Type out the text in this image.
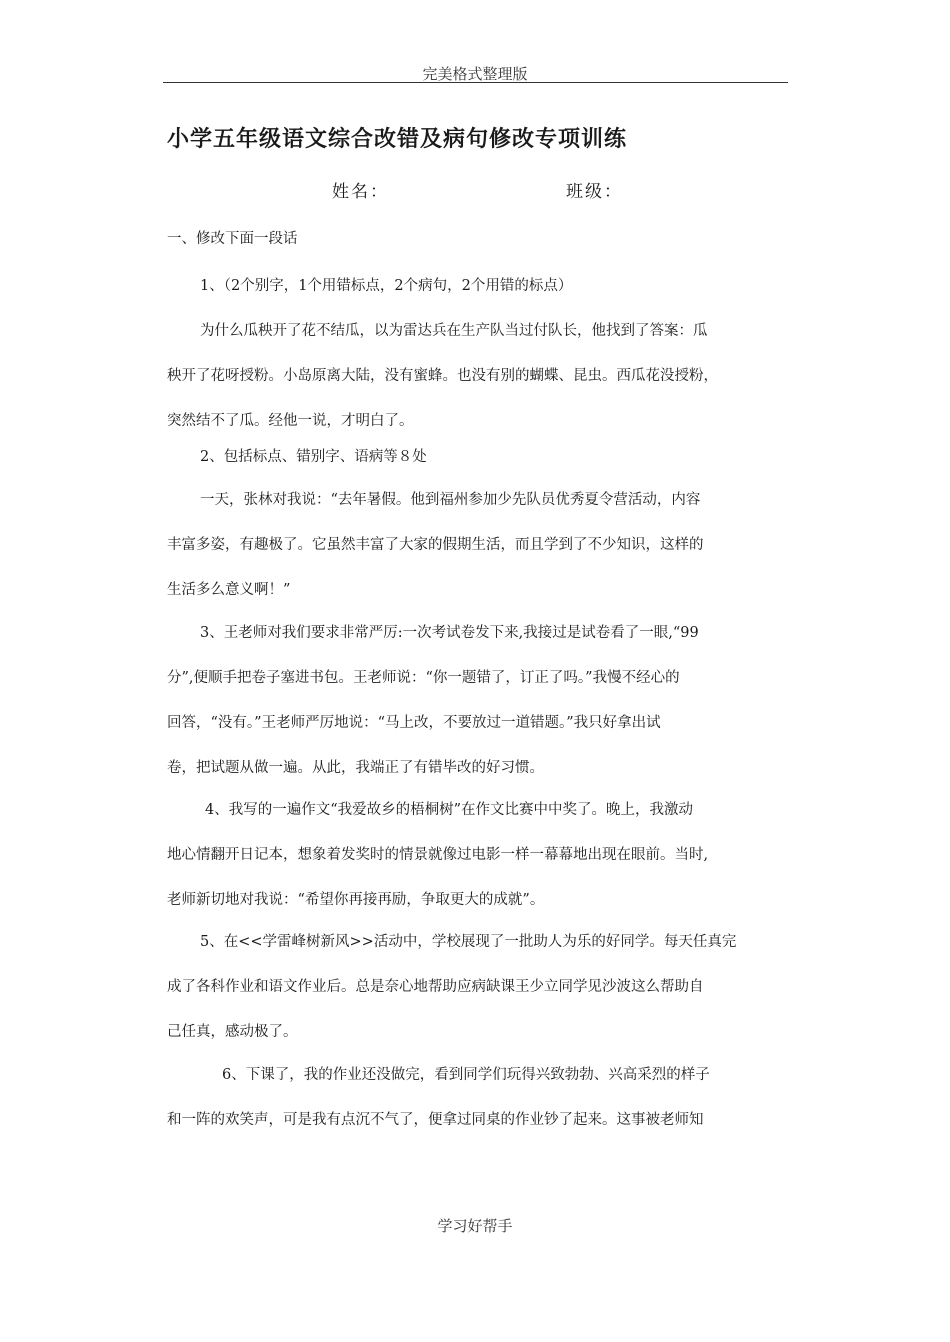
完美格式整理版
小学五年级语文综合改错及病句修改专项训练
姓名：	班级：
一、修改下面一段话

1、（2个别字，1个用错标点，2个病句，2个用错的标点）

为什么瓜秧开了花不结瓜，以为雷达兵在生产队当过付队长，他找到了答案：瓜
秧开了花呀授粉。小岛原离大陆，没有蜜蜂。也没有别的蝴蝶、昆虫。西瓜花没授粉，
突然结不了瓜。经他一说，才明白了。

2、包括标点、错别字、语病等８处

一天，张林对我说：“去年暑假。他到福州参加少先队员优秀夏令营活动，内容
丰富多姿，有趣极了。它虽然丰富了大家的假期生活，而且学到了不少知识，这样的
生活多么意义啊！”

3、王老师对我们要求非常严厉:一次考试卷发下来,我接过是试卷看了一眼,“99
分”,便顺手把卷子塞进书包。王老师说：“你一题错了，订正了吗。”我慢不经心的
回答，“没有。”王老师严厉地说：“马上改，不要放过一道错题。”我只好拿出试
卷，把试题从做一遍。从此，我端正了有错毕改的好习惯。

4、我写的一遍作文“我爱故乡的梧桐树”在作文比赛中中奖了。晚上，我激动
地心情翻开日记本，想象着发奖时的情景就像过电影一样一幕幕地出现在眼前。当时,
老师新切地对我说：“希望你再接再励，争取更大的成就”。

5、在<<学雷峰树新风>>活动中，学校展现了一批助人为乐的好同学。每天任真完
成了各科作业和语文作业后。总是奈心地帮助应病缺课王少立同学见沙波这么帮助自
己任真，感动极了。

6、下课了，我的作业还没做完，看到同学们玩得兴致勃勃、兴高采烈的样子
和一阵的欢笑声，可是我有点沉不气了，便拿过同桌的作业钞了起来。这事被老师知

学习好帮手
